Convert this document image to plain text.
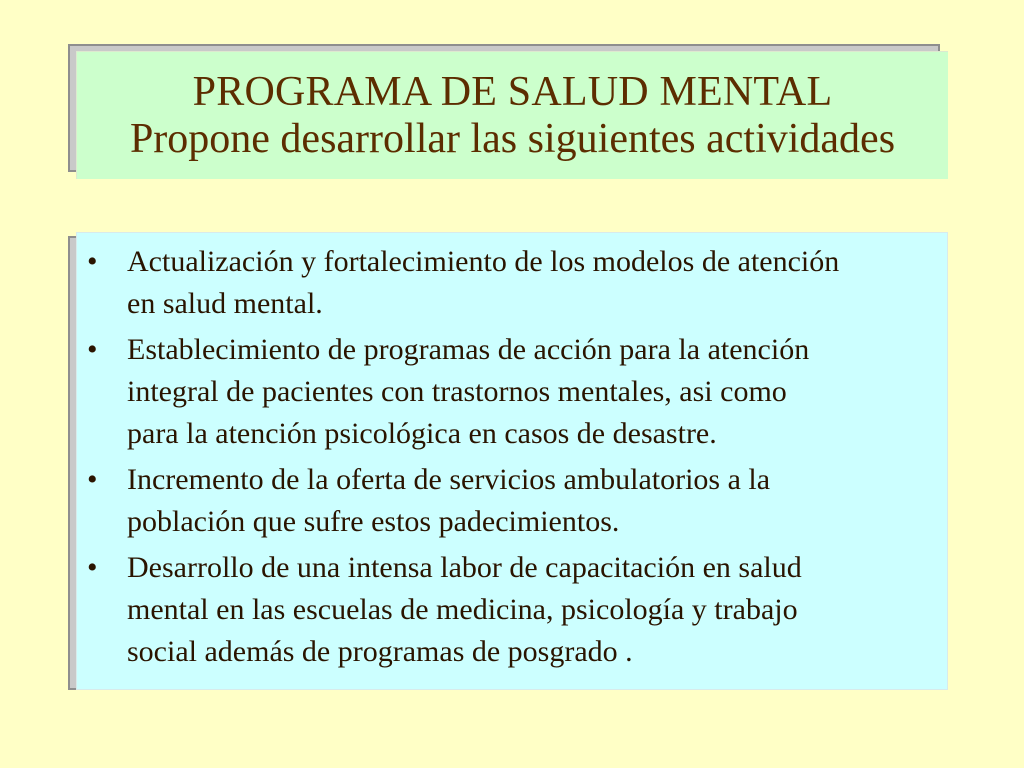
PROGRAMA DE SALUD MENTAL
Propone desarrollar las siguientes actividades
• Actualización y fortalecimiento de los modelos de atención
en salud mental.
• Establecimiento de programas de acción para la atención
integral de pacientes con trastornos mentales, asi como
para la atención psicológica en casos de desastre.
• Incremento de la oferta de servicios ambulatorios a la
población que sufre estos padecimientos.
• Desarrollo de una intensa labor de capacitación en salud
mental en las escuelas de medicina, psicología y trabajo
social además de programas de posgrado .
